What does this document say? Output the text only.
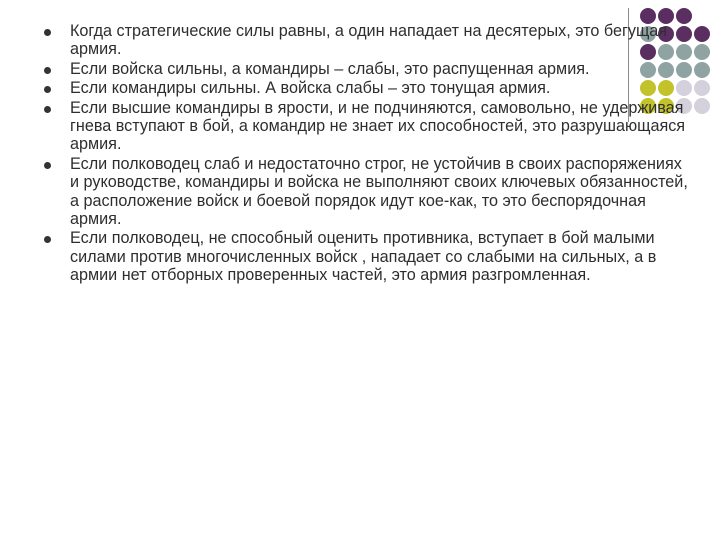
Когда стратегические силы равны, а один нападает на десятерых, это бегущая армия.
Если войска сильны, а командиры – слабы, это распущенная армия.
Если командиры сильны. А войска слабы – это тонущая армия.
Если высшие командиры в ярости, и не подчиняются, самовольно, не удерживая гнева вступают в бой, а командир не знает их способностей, это разрушающаяся армия.
Если полководец слаб и недостаточно строг, не устойчив в своих распоряжениях и руководстве, командиры и войска не выполняют своих ключевых обязанностей, а расположение войск и боевой порядок идут кое-как, то это беспорядочная армия.
Если полководец, не способный оценить противника, вступает в бой малыми силами против многочисленных войск , нападает со слабыми на сильных, а в армии нет отборных проверенных частей, это армия разгромленная.
